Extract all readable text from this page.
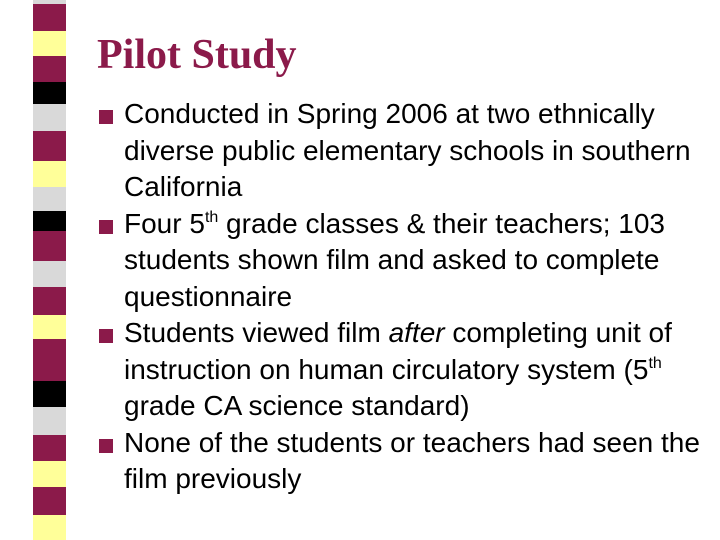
Pilot Study
Conducted in Spring 2006 at two ethnically diverse public elementary schools in southern California
Four 5th grade classes & their teachers; 103 students shown film and asked to complete questionnaire
Students viewed film after completing unit of instruction on human circulatory system (5th grade CA science standard)
None of the students or teachers had seen the film previously
